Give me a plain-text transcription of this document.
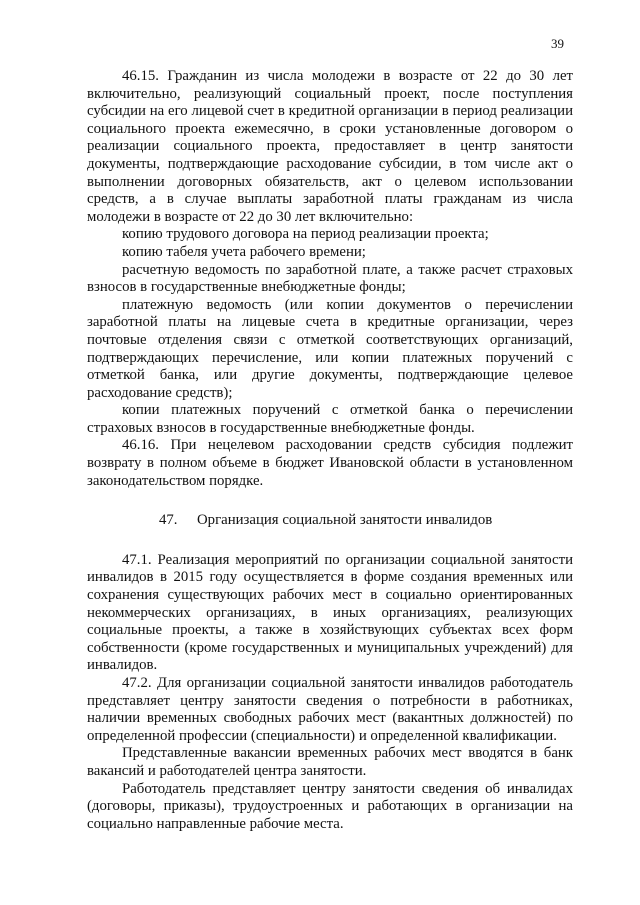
39

46.15. Гражданин из числа молодежи в возрасте от 22 до 30 лет включительно, реализующий социальный проект, после поступления субсидии на его лицевой счет в кредитной организации в период реализации социального проекта ежемесячно, в сроки установленные договором о реализации социального проекта, предоставляет в центр занятости документы, подтверждающие расходование субсидии, в том числе акт о выполнении договорных обязательств, акт о целевом использовании средств, а в случае выплаты заработной платы гражданам из числа молодежи в возрасте от 22 до 30 лет включительно:

копию трудового договора на период реализации проекта;

копию табеля учета рабочего времени;

расчетную ведомость по заработной плате, а также расчет страховых взносов в государственные внебюджетные фонды;

платежную ведомость (или копии документов о перечислении заработной платы на лицевые счета в кредитные организации, через почтовые отделения связи с отметкой соответствующих организаций, подтверждающих перечисление, или копии платежных поручений с отметкой банка, или другие документы, подтверждающие целевое расходование средств);

копии платежных поручений с отметкой банка о перечислении страховых взносов в государственные внебюджетные фонды.

46.16. При нецелевом расходовании средств субсидия подлежит возврату в полном объеме в бюджет Ивановской области в установленном законодательством порядке.

47. Организация социальной занятости инвалидов

47.1. Реализация мероприятий по организации социальной занятости инвалидов в 2015 году осуществляется в форме создания временных или сохранения существующих рабочих мест в социально ориентированных некоммерческих организациях, в иных организациях, реализующих социальные проекты, а также в хозяйствующих субъектах всех форм собственности (кроме государственных и муниципальных учреждений) для инвалидов.

47.2. Для организации социальной занятости инвалидов работодатель представляет центру занятости сведения о потребности в работниках, наличии временных свободных рабочих мест (вакантных должностей) по определенной профессии (специальности) и определенной квалификации.

Представленные вакансии временных рабочих мест вводятся в банк вакансий и работодателей центра занятости.

Работодатель представляет центру занятости сведения об инвалидах (договоры, приказы), трудоустроенных и работающих в организации на социально направленные рабочие места.
